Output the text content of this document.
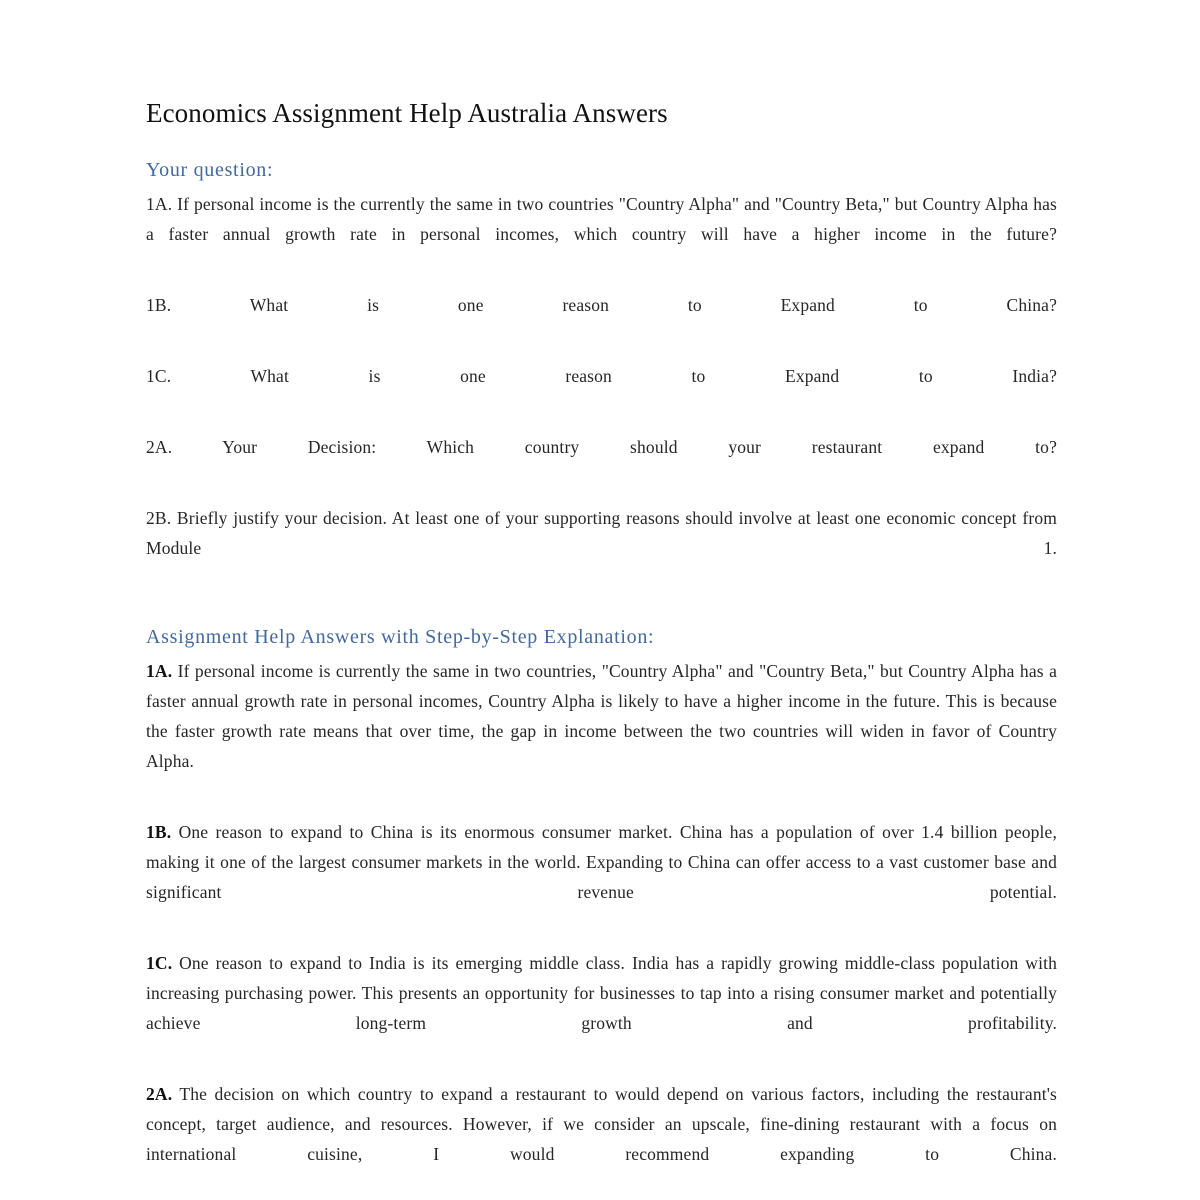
Economics Assignment Help Australia Answers
Your question:

1A. If personal income is the currently the same in two countries "Country Alpha" and "Country Beta," but Country Alpha has a faster annual growth rate in personal incomes, which country will have a higher income in the future?

1B. What is one reason to Expand to China?

1C. What is one reason to Expand to India?

2A. Your Decision: Which country should your restaurant expand to?

2B. Briefly justify your decision. At least one of your supporting reasons should involve at least one economic concept from Module 1.

Assignment Help Answers with Step-by-Step Explanation:

1A. If personal income is currently the same in two countries, "Country Alpha" and "Country Beta," but Country Alpha has a faster annual growth rate in personal incomes, Country Alpha is likely to have a higher income in the future. This is because the faster growth rate means that over time, the gap in income between the two countries will widen in favor of Country Alpha.

1B. One reason to expand to China is its enormous consumer market. China has a population of over 1.4 billion people, making it one of the largest consumer markets in the world. Expanding to China can offer access to a vast customer base and significant revenue potential.

1C. One reason to expand to India is its emerging middle class. India has a rapidly growing middle-class population with increasing purchasing power. This presents an opportunity for businesses to tap into a rising consumer market and potentially achieve long-term growth and profitability.

2A. The decision on which country to expand a restaurant to would depend on various factors, including the restaurant's concept, target audience, and resources. However, if we consider an upscale, fine-dining restaurant with a focus on international cuisine, I would recommend expanding to China.
